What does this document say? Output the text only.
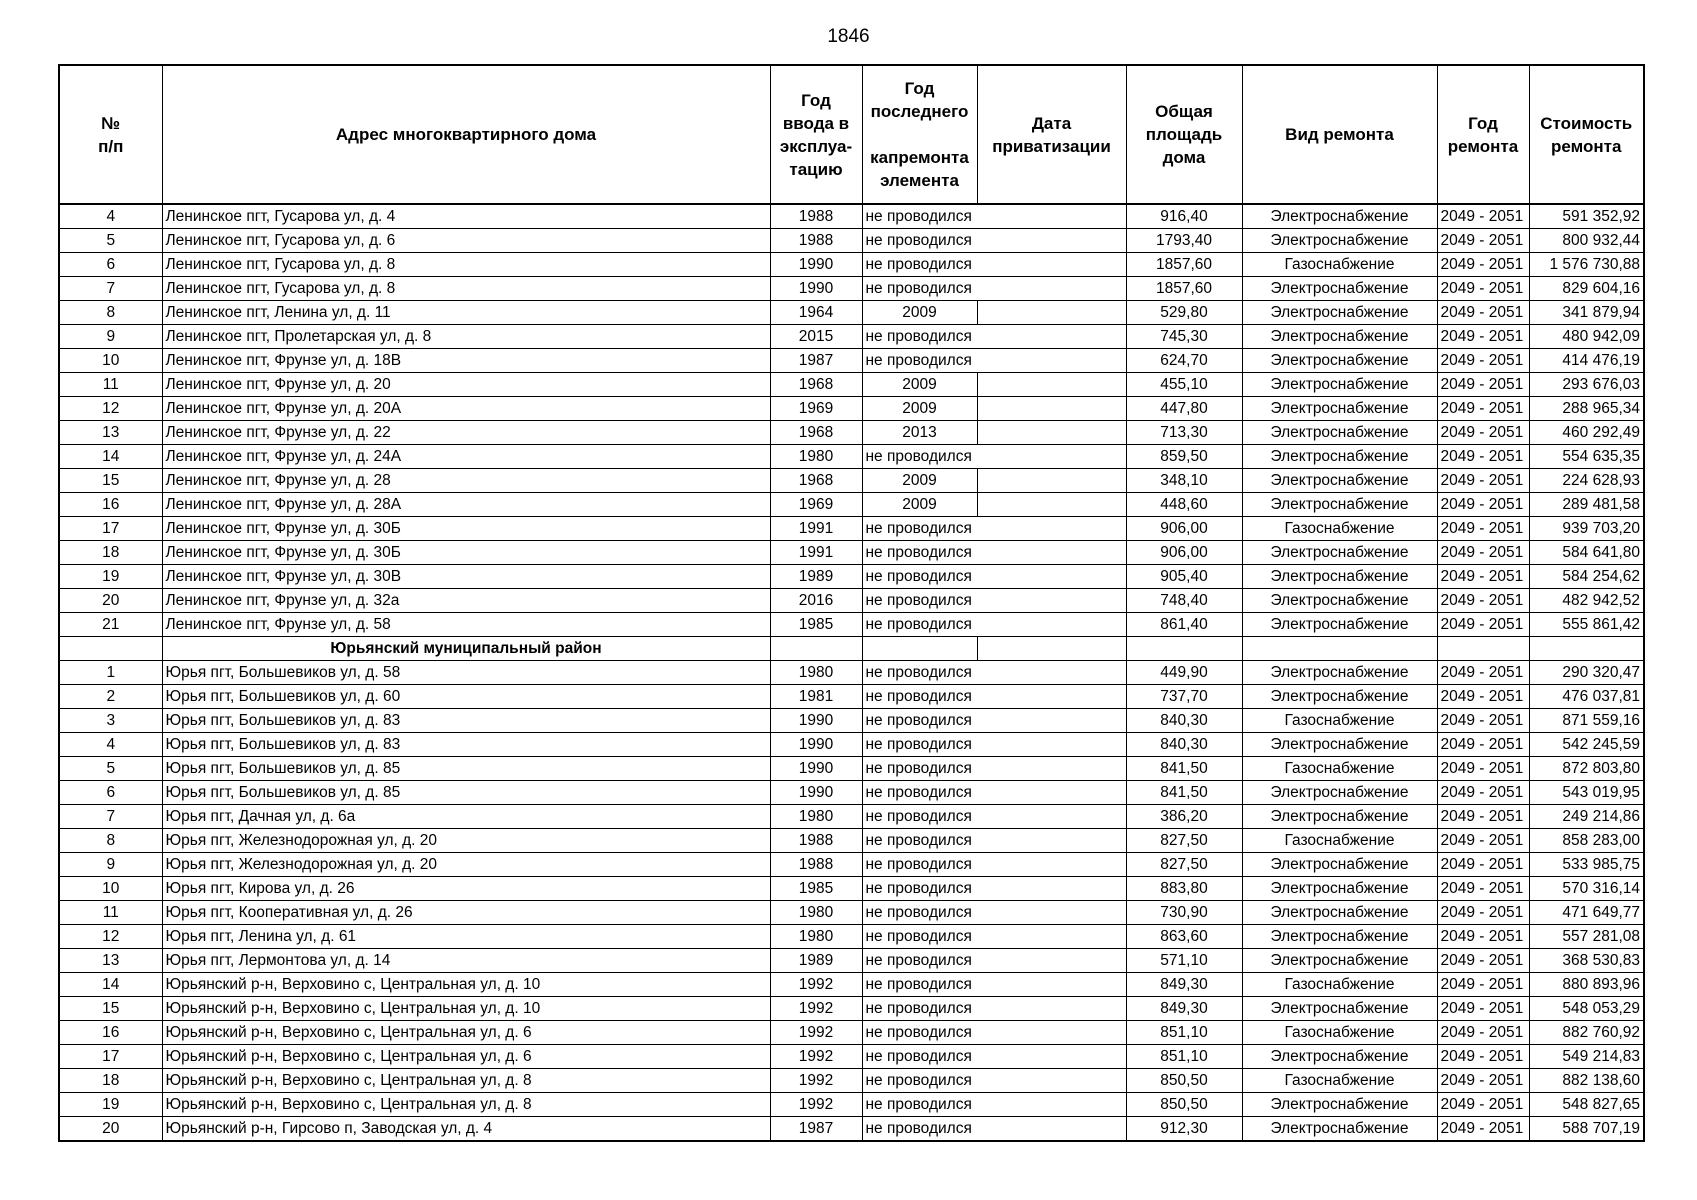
1846
№
п/п	Адрес многоквартирного дома	Год
ввода в
эксплуа-
тацию	Год
последнего
капремонта
элемента	Дата
приватизации	Общая
площадь
дома	Вид ремонта	Год
ремонта	Стоимость
ремонта

4	Ленинское пгт, Гусарова ул, д. 4	1988	не проводился		916,40	Электроснабжение	2049 - 2051	591 352,92
5	Ленинское пгт, Гусарова ул, д. 6	1988	не проводился		1793,40	Электроснабжение	2049 - 2051	800 932,44
6	Ленинское пгт, Гусарова ул, д. 8	1990	не проводился		1857,60	Газоснабжение	2049 - 2051	1 576 730,88
7	Ленинское пгт, Гусарова ул, д. 8	1990	не проводился		1857,60	Электроснабжение	2049 - 2051	829 604,16
8	Ленинское пгт, Ленина ул, д. 11	1964	2009		529,80	Электроснабжение	2049 - 2051	341 879,94
9	Ленинское пгт, Пролетарская ул, д. 8	2015	не проводился		745,30	Электроснабжение	2049 - 2051	480 942,09
10	Ленинское пгт, Фрунзе ул, д. 18В	1987	не проводился		624,70	Электроснабжение	2049 - 2051	414 476,19
11	Ленинское пгт, Фрунзе ул, д. 20	1968	2009		455,10	Электроснабжение	2049 - 2051	293 676,03
12	Ленинское пгт, Фрунзе ул, д. 20А	1969	2009		447,80	Электроснабжение	2049 - 2051	288 965,34
13	Ленинское пгт, Фрунзе ул, д. 22	1968	2013		713,30	Электроснабжение	2049 - 2051	460 292,49
14	Ленинское пгт, Фрунзе ул, д. 24А	1980	не проводился		859,50	Электроснабжение	2049 - 2051	554 635,35
15	Ленинское пгт, Фрунзе ул, д. 28	1968	2009		348,10	Электроснабжение	2049 - 2051	224 628,93
16	Ленинское пгт, Фрунзе ул, д. 28А	1969	2009		448,60	Электроснабжение	2049 - 2051	289 481,58
17	Ленинское пгт, Фрунзе ул, д. 30Б	1991	не проводился		906,00	Газоснабжение	2049 - 2051	939 703,20
18	Ленинское пгт, Фрунзе ул, д. 30Б	1991	не проводился		906,00	Электроснабжение	2049 - 2051	584 641,80
19	Ленинское пгт, Фрунзе ул, д. 30В	1989	не проводился		905,40	Электроснабжение	2049 - 2051	584 254,62
20	Ленинское пгт, Фрунзе ул, д. 32а	2016	не проводился		748,40	Электроснабжение	2049 - 2051	482 942,52
21	Ленинское пгт, Фрунзе ул, д. 58	1985	не проводился		861,40	Электроснабжение	2049 - 2051	555 861,42
	Юрьянский муниципальный район							
1	Юрья пгт, Большевиков ул, д. 58	1980	не проводился		449,90	Электроснабжение	2049 - 2051	290 320,47
2	Юрья пгт, Большевиков ул, д. 60	1981	не проводился		737,70	Электроснабжение	2049 - 2051	476 037,81
3	Юрья пгт, Большевиков ул, д. 83	1990	не проводился		840,30	Газоснабжение	2049 - 2051	871 559,16
4	Юрья пгт, Большевиков ул, д. 83	1990	не проводился		840,30	Электроснабжение	2049 - 2051	542 245,59
5	Юрья пгт, Большевиков ул, д. 85	1990	не проводился		841,50	Газоснабжение	2049 - 2051	872 803,80
6	Юрья пгт, Большевиков ул, д. 85	1990	не проводился		841,50	Электроснабжение	2049 - 2051	543 019,95
7	Юрья пгт, Дачная ул, д. 6а	1980	не проводился		386,20	Электроснабжение	2049 - 2051	249 214,86
8	Юрья пгт, Железнодорожная ул, д. 20	1988	не проводился		827,50	Газоснабжение	2049 - 2051	858 283,00
9	Юрья пгт, Железнодорожная ул, д. 20	1988	не проводился		827,50	Электроснабжение	2049 - 2051	533 985,75
10	Юрья пгт, Кирова ул, д. 26	1985	не проводился		883,80	Электроснабжение	2049 - 2051	570 316,14
11	Юрья пгт, Кооперативная ул, д. 26	1980	не проводился		730,90	Электроснабжение	2049 - 2051	471 649,77
12	Юрья пгт, Ленина ул, д. 61	1980	не проводился		863,60	Электроснабжение	2049 - 2051	557 281,08
13	Юрья пгт, Лермонтова ул, д. 14	1989	не проводился		571,10	Электроснабжение	2049 - 2051	368 530,83
14	Юрьянский р-н, Верховино с, Центральная ул, д. 10	1992	не проводился		849,30	Газоснабжение	2049 - 2051	880 893,96
15	Юрьянский р-н, Верховино с, Центральная ул, д. 10	1992	не проводился		849,30	Электроснабжение	2049 - 2051	548 053,29
16	Юрьянский р-н, Верховино с, Центральная ул, д. 6	1992	не проводился		851,10	Газоснабжение	2049 - 2051	882 760,92
17	Юрьянский р-н, Верховино с, Центральная ул, д. 6	1992	не проводился		851,10	Электроснабжение	2049 - 2051	549 214,83
18	Юрьянский р-н, Верховино с, Центральная ул, д. 8	1992	не проводился		850,50	Газоснабжение	2049 - 2051	882 138,60
19	Юрьянский р-н, Верховино с, Центральная ул, д. 8	1992	не проводился		850,50	Электроснабжение	2049 - 2051	548 827,65
20	Юрьянский р-н, Гирсово п, Заводская ул, д. 4	1987	не проводился		912,30	Электроснабжение	2049 - 2051	588 707,19
